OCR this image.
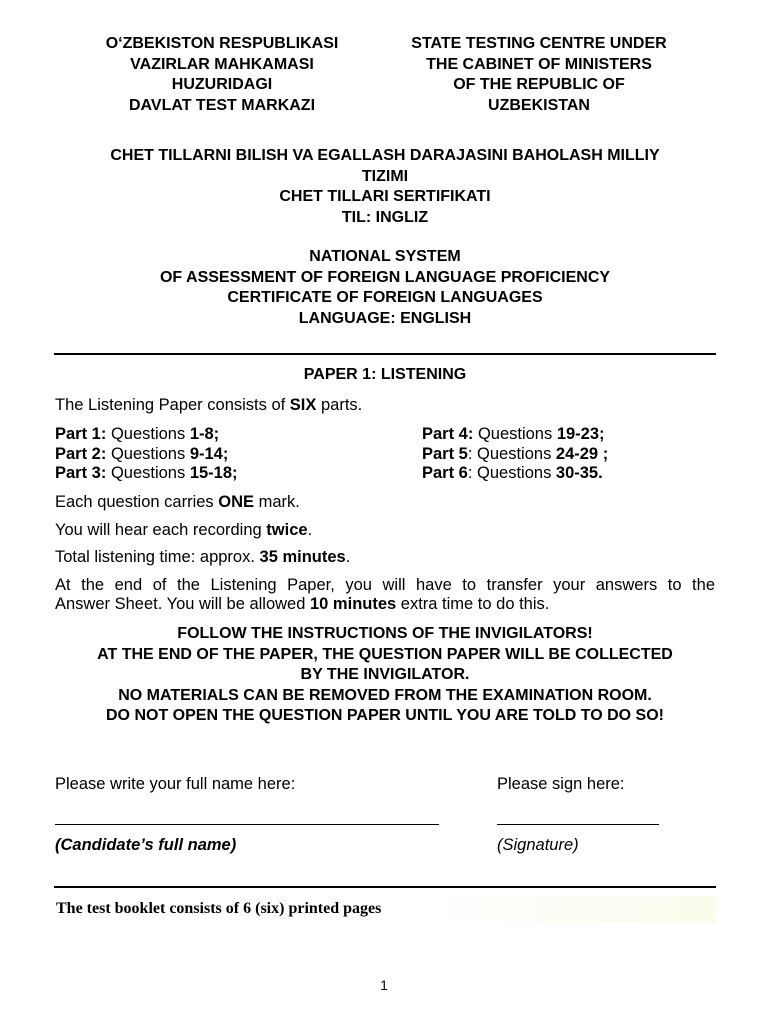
O‘ZBEKISTON RESPUBLIKASI
VAZIRLAR MAHKAMASI
HUZURIDAGI
DAVLAT TEST MARKAZI
STATE TESTING CENTRE UNDER
THE CABINET OF MINISTERS
OF THE REPUBLIC OF
UZBEKISTAN
CHET TILLARNI BILISH VA EGALLASH DARAJASINI BAHOLASH MILLIY
TIZIMI
CHET TILLARI SERTIFIKATI
TIL: INGLIZ
NATIONAL SYSTEM
OF ASSESSMENT OF FOREIGN LANGUAGE PROFICIENCY
CERTIFICATE OF FOREIGN LANGUAGES
LANGUAGE: ENGLISH
PAPER 1: LISTENING
The Listening Paper consists of SIX parts.
Part 1: Questions 1-8;
Part 2: Questions 9-14;
Part 3: Questions 15-18;
Part 4: Questions 19-23;
Part 5: Questions 24-29 ;
Part 6: Questions 30-35.
Each question carries ONE mark.
You will hear each recording twice.
Total listening time: approx. 35 minutes.
At the end of the Listening Paper, you will have to transfer your answers to the
Answer Sheet. You will be allowed 10 minutes extra time to do this.
FOLLOW THE INSTRUCTIONS OF THE INVIGILATORS!
AT THE END OF THE PAPER, THE QUESTION PAPER WILL BE COLLECTED
BY THE INVIGILATOR.
NO MATERIALS CAN BE REMOVED FROM THE EXAMINATION ROOM.
DO NOT OPEN THE QUESTION PAPER UNTIL YOU ARE TOLD TO DO SO!
Please write your full name here:	Please sign here:
(Candidate’s full name)	(Signature)
The test booklet consists of 6 (six) printed pages
1
